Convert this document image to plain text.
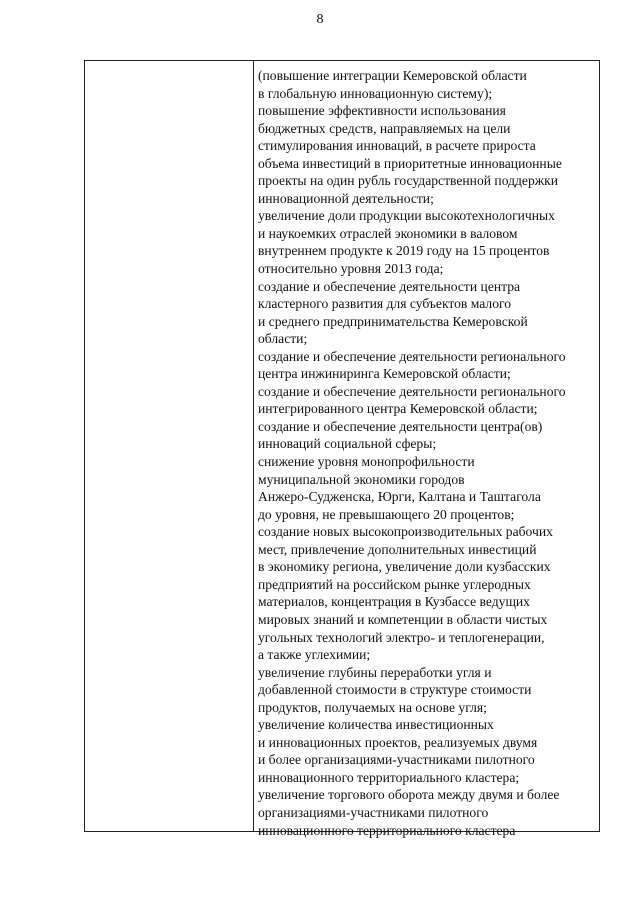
8
(повышение интеграции Кемеровской области
в глобальную инновационную систему);
повышение эффективности использования
бюджетных средств, направляемых на цели
стимулирования инноваций, в расчете прироста
объема инвестиций в приоритетные инновационные
проекты на один рубль государственной поддержки
инновационной деятельности;
увеличение доли продукции высокотехнологичных
и наукоемких отраслей экономики в валовом
внутреннем продукте к 2019 году на 15 процентов
относительно уровня 2013 года;
создание и обеспечение деятельности центра
кластерного развития для субъектов малого
и среднего предпринимательства Кемеровской
области;
создание и обеспечение деятельности регионального
центра инжиниринга Кемеровской области;
создание и обеспечение деятельности регионального
интегрированного центра Кемеровской области;
создание и обеспечение деятельности центра(ов)
инноваций социальной сферы;
снижение уровня монопрофильности
муниципальной экономики городов
Анжеро-Судженска, Юрги, Калтана и Таштагола
до уровня, не превышающего 20 процентов;
создание новых высокопроизводительных рабочих
мест, привлечение дополнительных инвестиций
в экономику региона, увеличение доли кузбасских
предприятий на российском рынке углеродных
материалов, концентрация в Кузбассе ведущих
мировых знаний и компетенции в области чистых
угольных технологий электро- и теплогенерации,
а также углехимии;
увеличение глубины переработки угля и
добавленной стоимости в структуре стоимости
продуктов, получаемых на основе угля;
увеличение количества инвестиционных
и инновационных проектов, реализуемых двумя
и более организациями-участниками пилотного
инновационного территориального кластера;
увеличение торгового оборота между двумя и более
организациями-участниками пилотного
инновационного территориального кластера
